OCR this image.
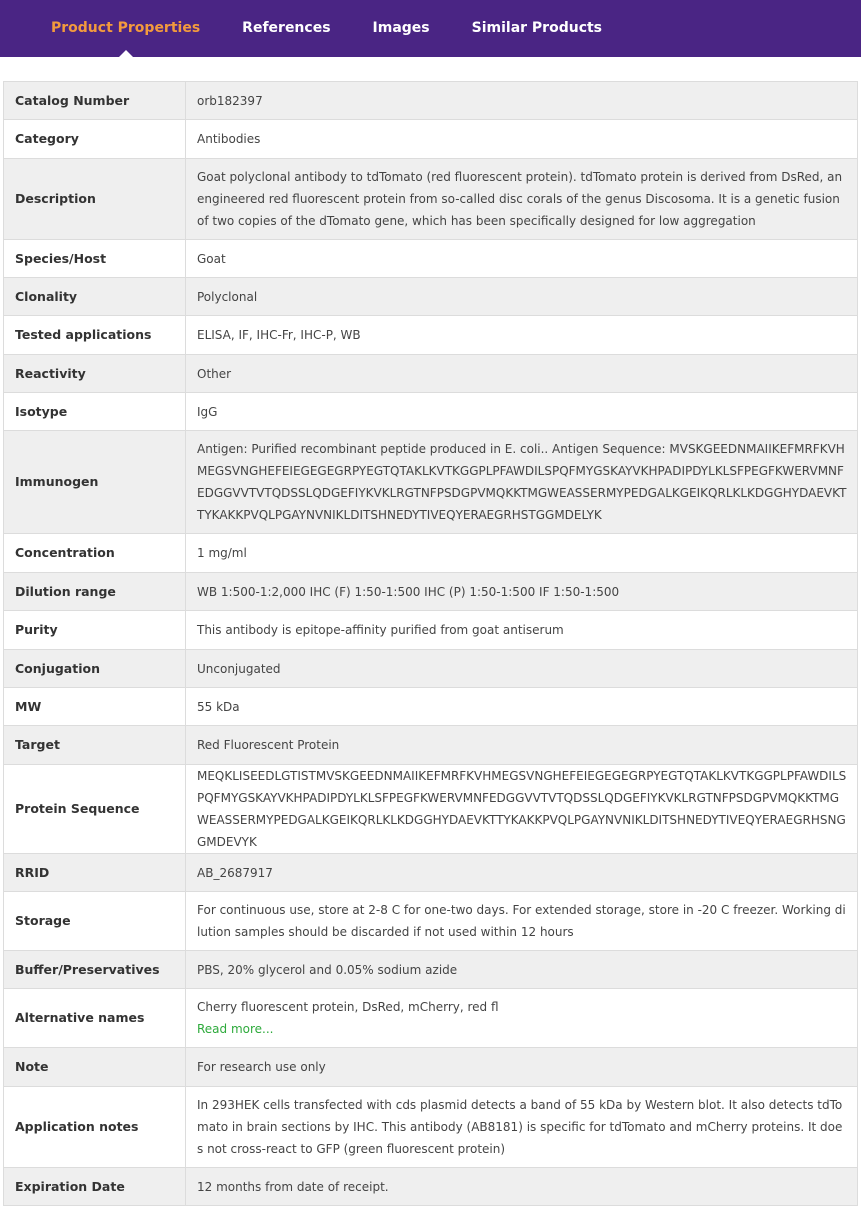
Product Properties	References	Images	Similar Products
Catalog Number	orb182397
Category	Antibodies
Description	Goat polyclonal antibody to tdTomato (red fluorescent protein). tdTomato protein is derived from DsRed, an engineered red fluorescent protein from so-called disc corals of the genus Discosoma. It is a genetic fusion of two copies of the dTomato gene, which has been specifically designed for low aggregation
Species/Host	Goat
Clonality	Polyclonal
Tested applications	ELISA, IF, IHC-Fr, IHC-P, WB
Reactivity	Other
Isotype	IgG
Immunogen	Antigen: Purified recombinant peptide produced in E. coli.. Antigen Sequence: MVSKGEEDNMAIIKEFMRFKVHMEGSVNGHEFEIEGEGEGRPYEGTQTAKLKVTKGGPLPFAWDILSPQFMYGSKAYVKHPADIPDYLKLSFPEGFKWERVMNFEDGGVVTVTQDSSLQDGEFIYKVKLRGTNFPSDGPVMQKKTMGWEASSERMYPEDGALKGEIKQRLKLKDGGHYDAEVKTTYKAKKPVQLPGAYNVNIKLDITSHNEDYTIVEQYERAEGRHSTGGMDELYK
Concentration	1 mg/ml
Dilution range	WB 1:500-1:2,000 IHC (F) 1:50-1:500 IHC (P) 1:50-1:500 IF 1:50-1:500
Purity	This antibody is epitope-affinity purified from goat antiserum
Conjugation	Unconjugated
MW	55 kDa
Target	Red Fluorescent Protein
Protein Sequence	MEQKLISEEDLGTISTMVSKGEEDNMAIIKEFMRFKVHMEGSVNGHEFEIEGEGEGRPYEGTQTAKLKVTKGGPLPFAWDILSPQFMYGSKAYVKHPADIPDYLKLSFPEGFKWERVMNFEDGGVVTVTQDSSLQDGEFIYKVKLRGTNFPSDGPVMQKKTMGWEASSERMYPEDGALKGEIKQRLKLKDGGHYDAEVKTTYKAKKPVQLPGAYNVNIKLDITSHNEDYTIVEQYERAEGRHSNGGMDEVYK
RRID	AB_2687917
Storage	For continuous use, store at 2-8 C for one-two days. For extended storage, store in -20 C freezer. Working dilution samples should be discarded if not used within 12 hours
Buffer/Preservatives	PBS, 20% glycerol and 0.05% sodium azide
Alternative names	Cherry fluorescent protein, DsRed, mCherry, red fl
Read more...

Note	For research use only
Application notes	In 293HEK cells transfected with cds plasmid detects a band of 55 kDa by Western blot. It also detects tdTomato in brain sections by IHC. This antibody (AB8181) is specific for tdTomato and mCherry proteins. It does not cross-react to GFP (green fluorescent protein)
Expiration Date	12 months from date of receipt.
